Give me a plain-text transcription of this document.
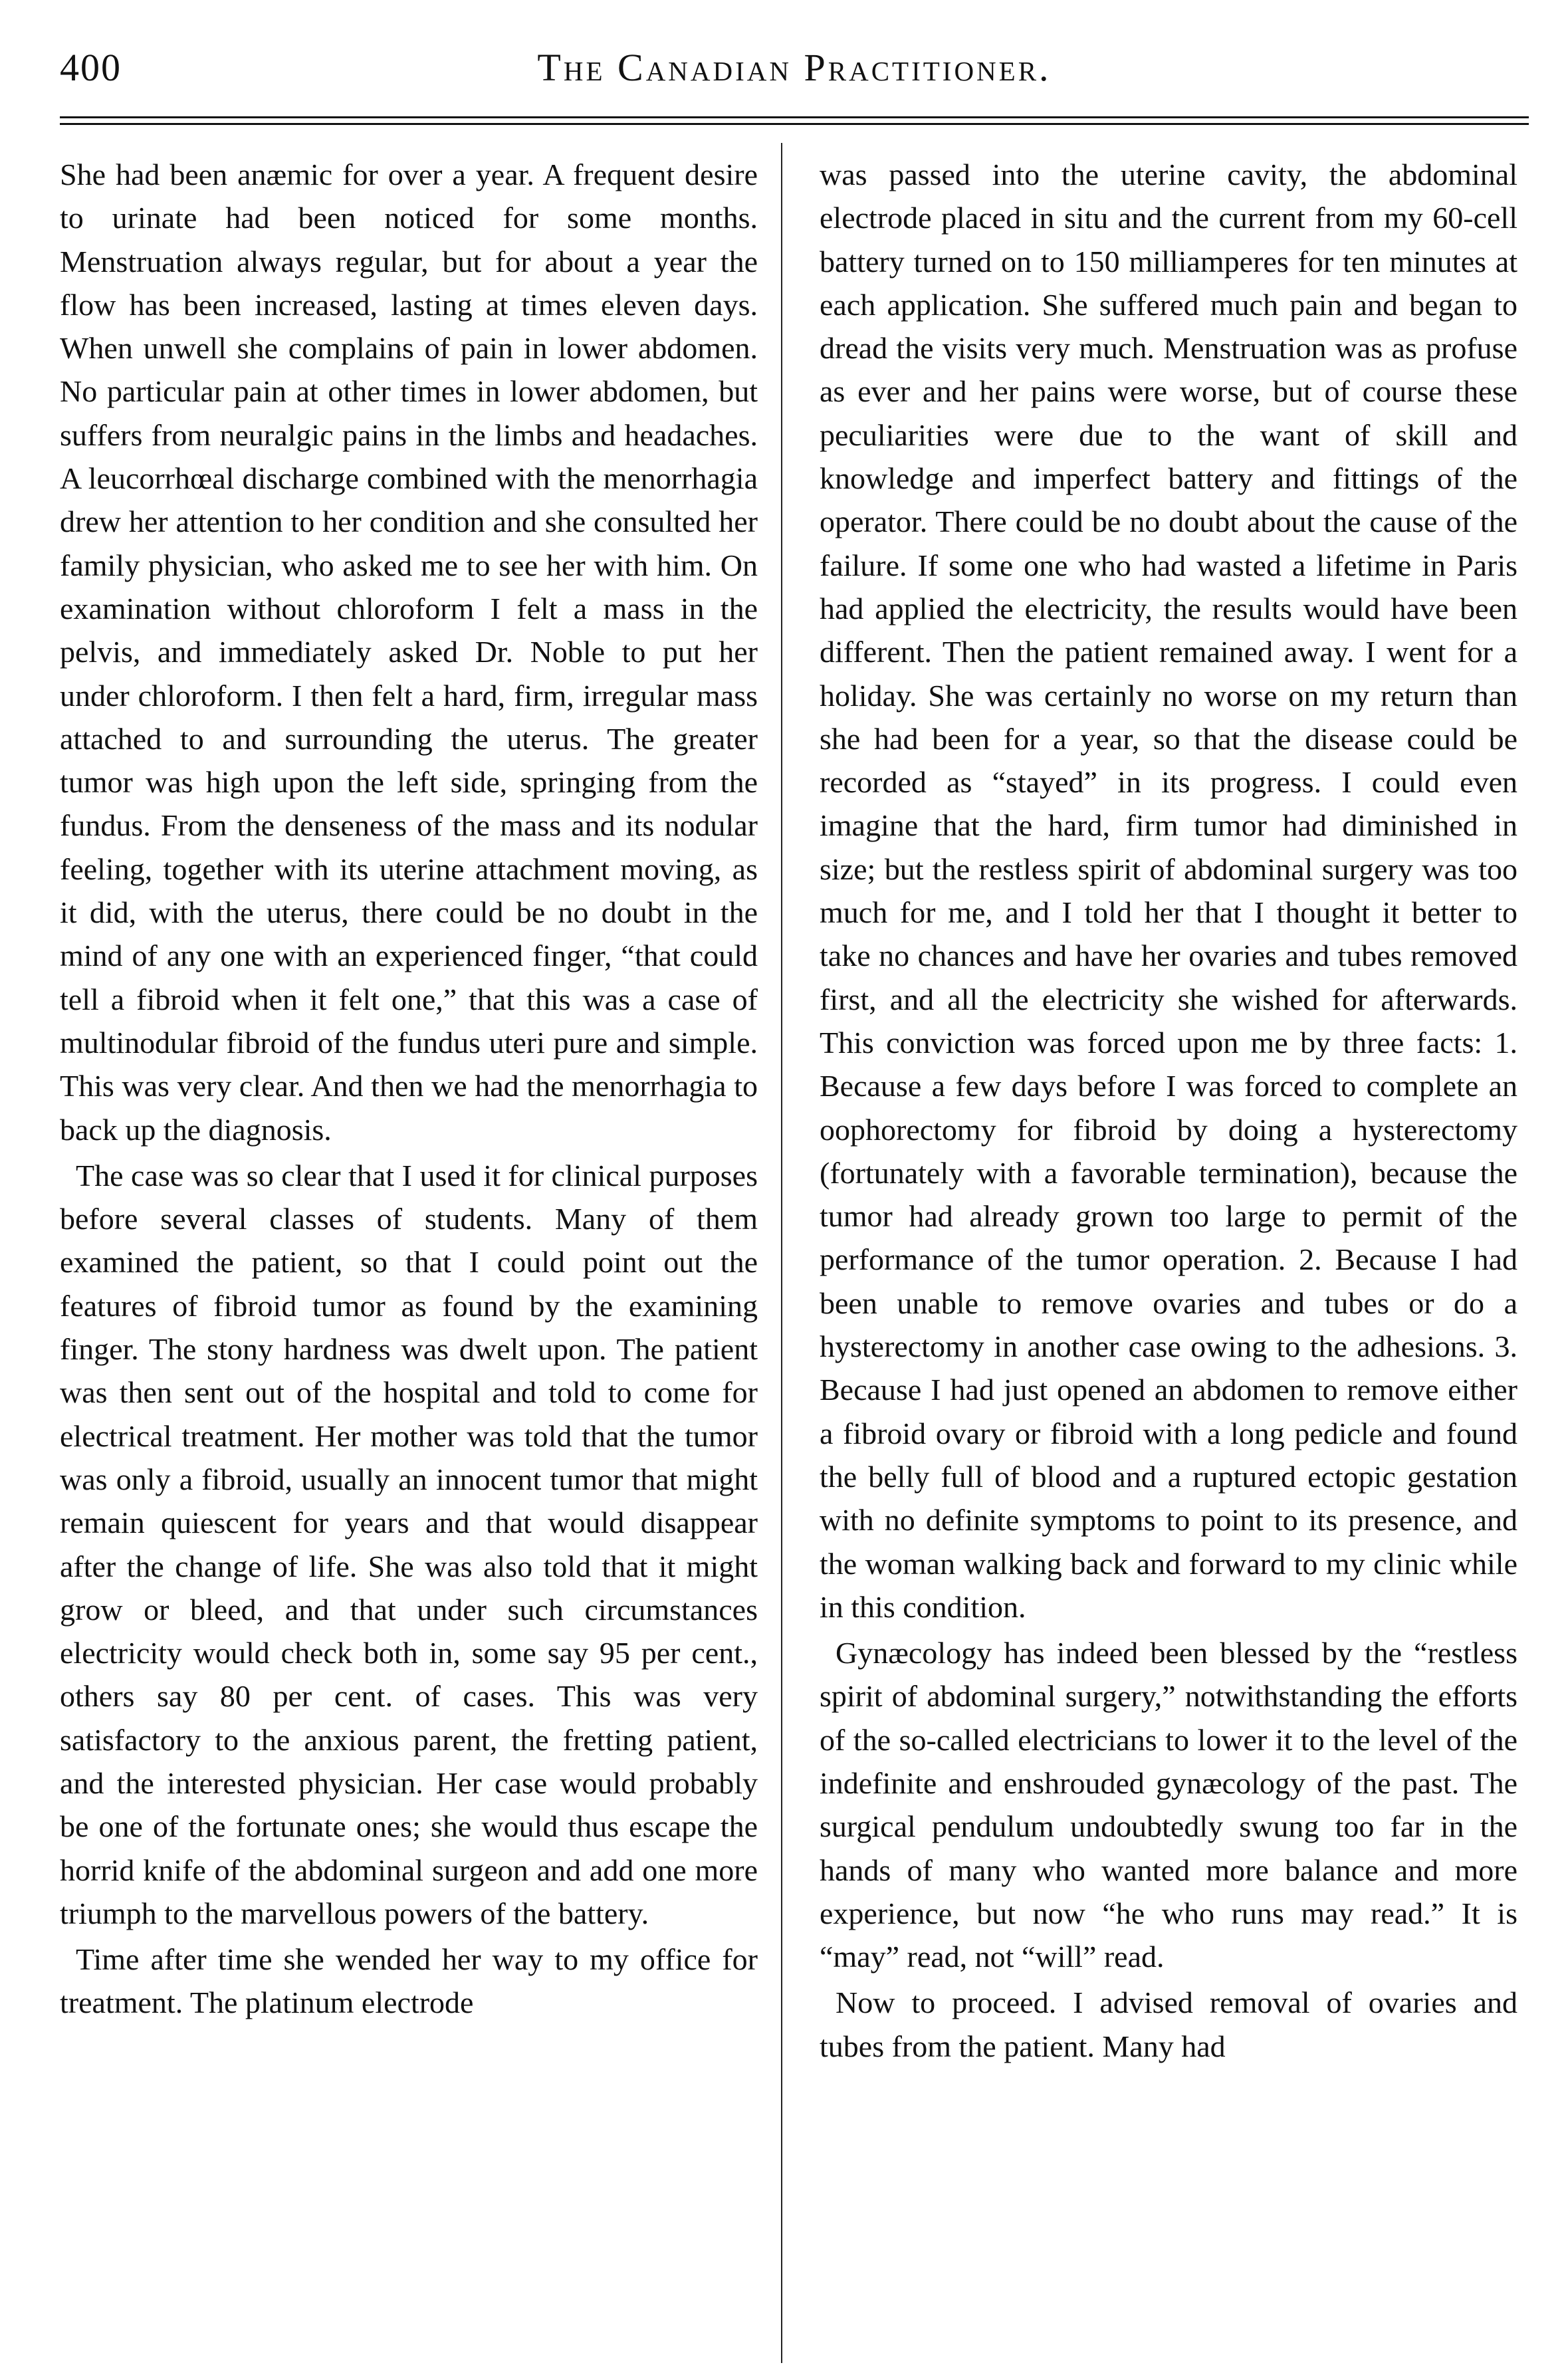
400	The Canadian Practitioner.

She had been anæmic for over a year. A frequent desire to urinate had been noticed for some months. Menstruation always regular, but for about a year the flow has been increased, lasting at times eleven days. When unwell she complains of pain in lower abdomen. No particular pain at other times in lower abdomen, but suffers from neuralgic pains in the limbs and headaches. A leucorrhœal discharge combined with the menorrhagia drew her attention to her condition and she consulted her family physician, who asked me to see her with him. On examination without chloroform I felt a mass in the pelvis, and immediately asked Dr. Noble to put her under chloroform. I then felt a hard, firm, irregular mass attached to and surrounding the uterus. The greater tumor was high upon the left side, springing from the fundus. From the denseness of the mass and its nodular feeling, together with its uterine attachment moving, as it did, with the uterus, there could be no doubt in the mind of any one with an experienced finger, “that could tell a fibroid when it felt one,” that this was a case of multinodular fibroid of the fundus uteri pure and simple. This was very clear. And then we had the menorrhagia to back up the diagnosis.

The case was so clear that I used it for clinical purposes before several classes of students. Many of them examined the patient, so that I could point out the features of fibroid tumor as found by the examining finger. The stony hardness was dwelt upon. The patient was then sent out of the hospital and told to come for electrical treatment. Her mother was told that the tumor was only a fibroid, usually an innocent tumor that might remain quiescent for years and that would disappear after the change of life. She was also told that it might grow or bleed, and that under such circumstances electricity would check both in, some say 95 per cent., others say 80 per cent. of cases. This was very satisfactory to the anxious parent, the fretting patient, and the interested physician. Her case would probably be one of the fortunate ones; she would thus escape the horrid knife of the abdominal surgeon and add one more triumph to the marvellous powers of the battery.

Time after time she wended her way to my office for treatment. The platinum electrode

was passed into the uterine cavity, the abdominal electrode placed in situ and the current from my 60-cell battery turned on to 150 milliamperes for ten minutes at each application. She suffered much pain and began to dread the visits very much. Menstruation was as profuse as ever and her pains were worse, but of course these peculiarities were due to the want of skill and knowledge and imperfect battery and fittings of the operator. There could be no doubt about the cause of the failure. If some one who had wasted a lifetime in Paris had applied the electricity, the results would have been different. Then the patient remained away. I went for a holiday. She was certainly no worse on my return than she had been for a year, so that the disease could be recorded as “stayed” in its progress. I could even imagine that the hard, firm tumor had diminished in size; but the restless spirit of abdominal surgery was too much for me, and I told her that I thought it better to take no chances and have her ovaries and tubes removed first, and all the electricity she wished for afterwards. This conviction was forced upon me by three facts: 1. Because a few days before I was forced to complete an oophorectomy for fibroid by doing a hysterectomy (fortunately with a favorable termination), because the tumor had already grown too large to permit of the performance of the tumor operation. 2. Because I had been unable to remove ovaries and tubes or do a hysterectomy in another case owing to the adhesions. 3. Because I had just opened an abdomen to remove either a fibroid ovary or fibroid with a long pedicle and found the belly full of blood and a ruptured ectopic gestation with no definite symptoms to point to its presence, and the woman walking back and forward to my clinic while in this condition.

Gynæcology has indeed been blessed by the “restless spirit of abdominal surgery,” notwithstanding the efforts of the so-called electricians to lower it to the level of the indefinite and enshrouded gynæcology of the past. The surgical pendulum undoubtedly swung too far in the hands of many who wanted more balance and more experience, but now “he who runs may read.” It is “may” read, not “will” read.

Now to proceed. I advised removal of ovaries and tubes from the patient. Many had
